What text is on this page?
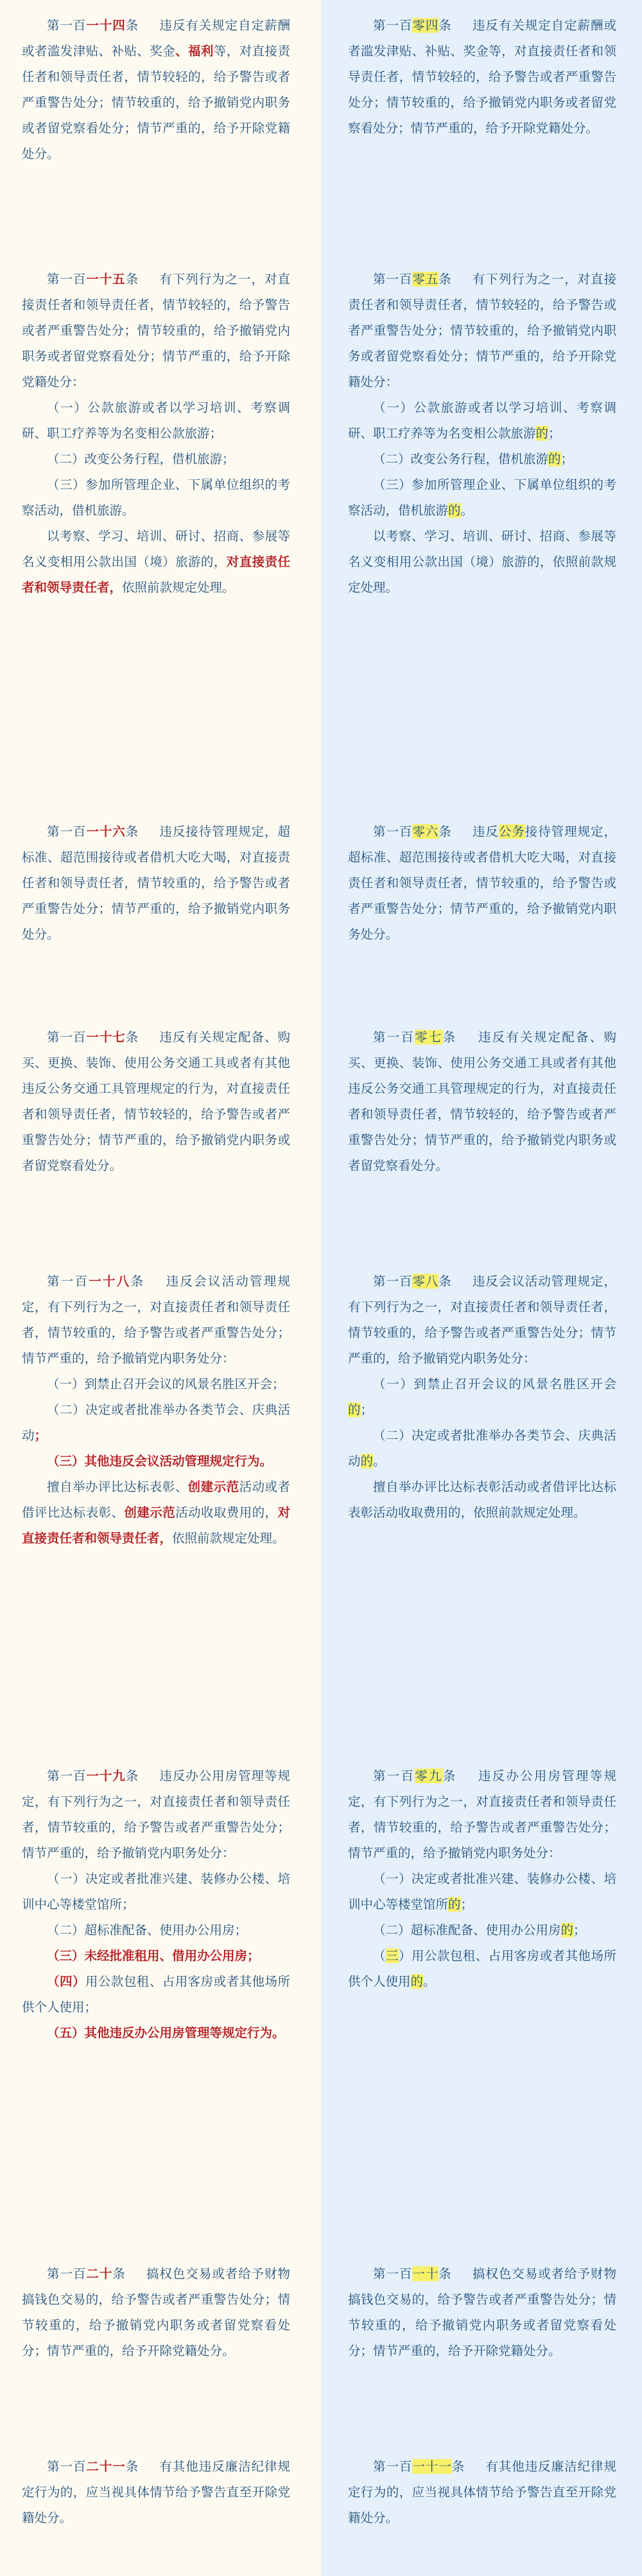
第一百一十四条 违反有关规定自定薪酬或者滥发津贴、补贴、奖金、福利等，对直接责任者和领导责任者，情节较轻的，给予警告或者严重警告处分；情节较重的，给予撤销党内职务或者留党察看处分；情节严重的，给予开除党籍处分。

第一百一十五条 有下列行为之一，对直接责任者和领导责任者，情节较轻的，给予警告或者严重警告处分；情节较重的，给予撤销党内职务或者留党察看处分；情节严重的，给予开除党籍处分：

（一）公款旅游或者以学习培训、考察调研、职工疗养等为名变相公款旅游；

（二）改变公务行程，借机旅游；

（三）参加所管理企业、下属单位组织的考察活动，借机旅游。

以考察、学习、培训、研讨、招商、参展等名义变相用公款出国（境）旅游的，对直接责任者和领导责任者，依照前款规定处理。

第一百一十六条 违反接待管理规定，超标准、超范围接待或者借机大吃大喝，对直接责任者和领导责任者，情节较重的，给予警告或者严重警告处分；情节严重的，给予撤销党内职务处分。

第一百一十七条 违反有关规定配备、购买、更换、装饰、使用公务交通工具或者有其他违反公务交通工具管理规定的行为，对直接责任者和领导责任者，情节较轻的，给予警告或者严重警告处分；情节严重的，给予撤销党内职务或者留党察看处分。

第一百一十八条 违反会议活动管理规定，有下列行为之一，对直接责任者和领导责任者，情节较重的，给予警告或者严重警告处分；情节严重的，给予撤销党内职务处分：

（一）到禁止召开会议的风景名胜区开会；

（二）决定或者批准举办各类节会、庆典活动；

（三）其他违反会议活动管理规定行为。

擅自举办评比达标表彰、创建示范活动或者借评比达标表彰、创建示范活动收取费用的，对直接责任者和领导责任者，依照前款规定处理。

第一百一十九条 违反办公用房管理等规定，有下列行为之一，对直接责任者和领导责任者，情节较重的，给予警告或者严重警告处分；情节严重的，给予撤销党内职务处分：

（一）决定或者批准兴建、装修办公楼、培训中心等楼堂馆所；

（二）超标准配备、使用办公用房；

（三）未经批准租用、借用办公用房；

（四）用公款包租、占用客房或者其他场所供个人使用；

（五）其他违反办公用房管理等规定行为。

第一百二十条 搞权色交易或者给予财物搞钱色交易的，给予警告或者严重警告处分；情节较重的，给予撤销党内职务或者留党察看处分；情节严重的，给予开除党籍处分。

第一百二十一条 有其他违反廉洁纪律规定行为的，应当视具体情节给予警告直至开除党籍处分。

第一百零四条 违反有关规定自定薪酬或者滥发津贴、补贴、奖金等，对直接责任者和领导责任者，情节较轻的，给予警告或者严重警告处分；情节较重的，给予撤销党内职务或者留党察看处分；情节严重的，给予开除党籍处分。

第一百零五条 有下列行为之一，对直接责任者和领导责任者，情节较轻的，给予警告或者严重警告处分；情节较重的，给予撤销党内职务或者留党察看处分；情节严重的，给予开除党籍处分：

（一）公款旅游或者以学习培训、考察调研、职工疗养等为名变相公款旅游的；

（二）改变公务行程，借机旅游的；

（三）参加所管理企业、下属单位组织的考察活动，借机旅游的。

以考察、学习、培训、研讨、招商、参展等名义变相用公款出国（境）旅游的，依照前款规定处理。

第一百零六条 违反公务接待管理规定，超标准、超范围接待或者借机大吃大喝，对直接责任者和领导责任者，情节较重的，给予警告或者严重警告处分；情节严重的，给予撤销党内职务处分。

第一百零七条 违反有关规定配备、购买、更换、装饰、使用公务交通工具或者有其他违反公务交通工具管理规定的行为，对直接责任者和领导责任者，情节较轻的，给予警告或者严重警告处分；情节严重的，给予撤销党内职务或者留党察看处分。

第一百零八条 违反会议活动管理规定，有下列行为之一，对直接责任者和领导责任者，情节较重的，给予警告或者严重警告处分；情节严重的，给予撤销党内职务处分：

（一）到禁止召开会议的风景名胜区开会的；

（二）决定或者批准举办各类节会、庆典活动的。

擅自举办评比达标表彰活动或者借评比达标表彰活动收取费用的，依照前款规定处理。

第一百零九条 违反办公用房管理等规定，有下列行为之一，对直接责任者和领导责任者，情节较重的，给予警告或者严重警告处分；情节严重的，给予撤销党内职务处分：

（一）决定或者批准兴建、装修办公楼、培训中心等楼堂馆所的；

（二）超标准配备、使用办公用房的；

（三）用公款包租、占用客房或者其他场所供个人使用的。

第一百一十条 搞权色交易或者给予财物搞钱色交易的，给予警告或者严重警告处分；情节较重的，给予撤销党内职务或者留党察看处分；情节严重的，给予开除党籍处分。

第一百一十一条 有其他违反廉洁纪律规定行为的，应当视具体情节给予警告直至开除党籍处分。
